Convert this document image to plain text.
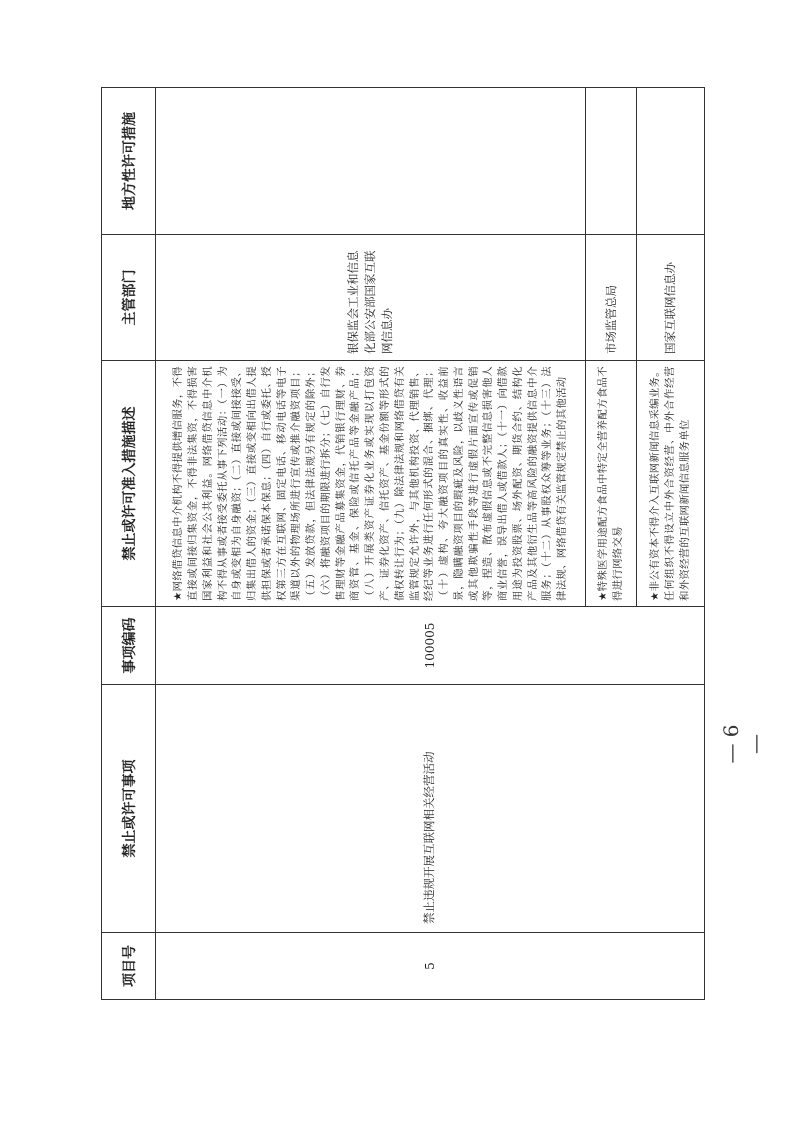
项目号	禁止或许可事项	事项编码	禁止或许可准入措施描述	主管部门	地方性许可措施
5	禁止违规开展互联网相关经营活动	100005	★网络借贷信息中介机构不得提供增信服务，不得直接或间接归集资金，不得非法集资，不得损害国家利益和社会公共利益。网络借贷信息中介机构不得从事或者接受委托从事下列活动：（一）为自身或变相为自身融资；（二）直接或间接接受、归集出借人的资金；（三）直接或变相向出借人提供担保或者承诺保本保息；（四）自行或委托、授权第三方在互联网、固定电话、移动电话等电子渠道以外的物理场所进行宣传或推介融资项目；（五）发放贷款，但法律法规另有规定的除外；（六）将融资项目的期限进行拆分；（七）自行发售理财等金融产品募集资金，代销银行理财、券商资管、基金、保险或信托产品等金融产品；（八）开展类资产证券化业务或实现以打包资产、证券化资产、信托资产、基金份额等形式的债权转让行为；（九）除法律法规和网络借贷有关监管规定允许外，与其他机构投资、代理销售、经纪等业务进行任何形式的混合、捆绑、代理；（十）虚构、夸大融资项目的真实性、收益前景，隐瞒融资项目的瑕疵及风险，以歧义性语言或其他欺骗性手段等进行虚假片面宣传或促销等，捏造、散布虚假信息或不完整信息损害他人商业信誉，误导出借人或借款人；（十一）向借款用途为投资股票、场外配资、期货合约、结构化产品及其他衍生品等高风险的融资提供信息中介服务；（十二）从事股权众筹等业务；（十三）法律法规、网络借贷有关监管规定禁止的其他活动	银保监会工业和信息化部公安部国家互联网信息办	

			★特殊医学用途配方食品中特定全营养配方食品不得进行网络交易	市场监管总局	

			★非公有资本不得介入互联网新闻信息采编业务。任何组织不得设立中外合资经营、中外合作经营和外资经营的互联网新闻信息服务单位	国家互联网信息办	
— 6 —
